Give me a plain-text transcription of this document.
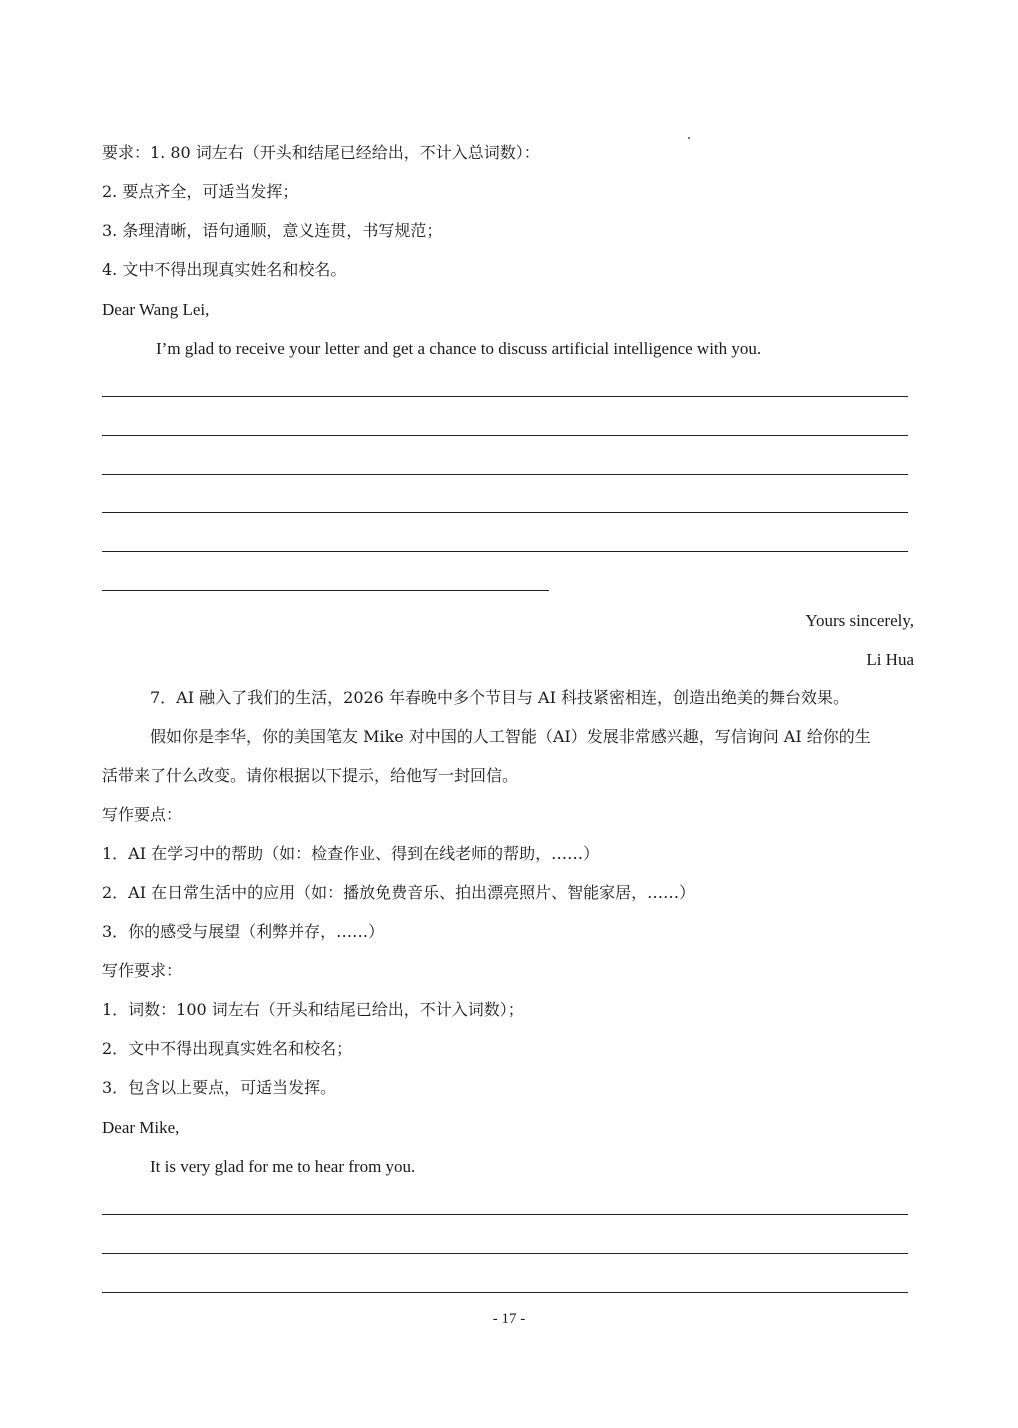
要求：1. 80 词左右（开头和结尾已经给出，不计入总词数）：
2. 要点齐全，可适当发挥；
3. 条理清晰，语句通顺，意义连贯，书写规范；
4. 文中不得出现真实姓名和校名。
Dear Wang Lei,
I’m glad to receive your letter and get a chance to discuss artificial intelligence with you.
Yours sincerely,
Li Hua
7．AI 融入了我们的生活，2026 年春晚中多个节目与 AI 科技紧密相连，创造出绝美的舞台效果。
假如你是李华，你的美国笔友 Mike 对中国的人工智能（AI）发展非常感兴趣，写信询问 AI 给你的生
活带来了什么改变。请你根据以下提示，给他写一封回信。
写作要点：
1．AI 在学习中的帮助（如：检查作业、得到在线老师的帮助，……）
2．AI 在日常生活中的应用（如：播放免费音乐、拍出漂亮照片、智能家居，……）
3．你的感受与展望（利弊并存，……）
写作要求：
1．词数：100 词左右（开头和结尾已给出，不计入词数）；
2．文中不得出现真实姓名和校名；
3．包含以上要点，可适当发挥。
Dear Mike,
It is very glad for me to hear from you.
- 17 -
